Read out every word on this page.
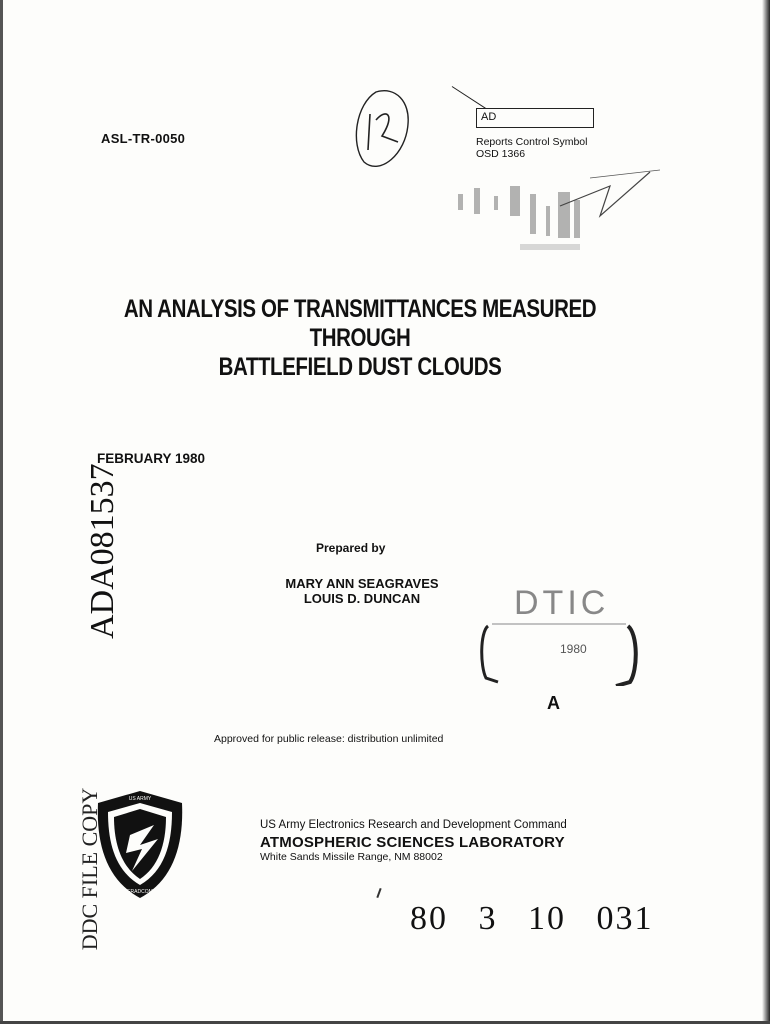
ASL-TR-0050
AD
Reports Control Symbol
OSD 1366
AN ANALYSIS OF TRANSMITTANCES MEASURED THROUGH
BATTLEFIELD DUST CLOUDS
ADA081537
FEBRUARY 1980
Prepared by
MARY ANN SEAGRAVES
LOUIS D. DUNCAN	DTIC
1980
A
Approved for public release: distribution unlimited
DDC FILE COPY	US ARMY
ERADCOM
US Army Electronics Research and Development Command
ATMOSPHERIC SCIENCES LABORATORY
White Sands Missile Range, NM 88002
80 3 10 031
